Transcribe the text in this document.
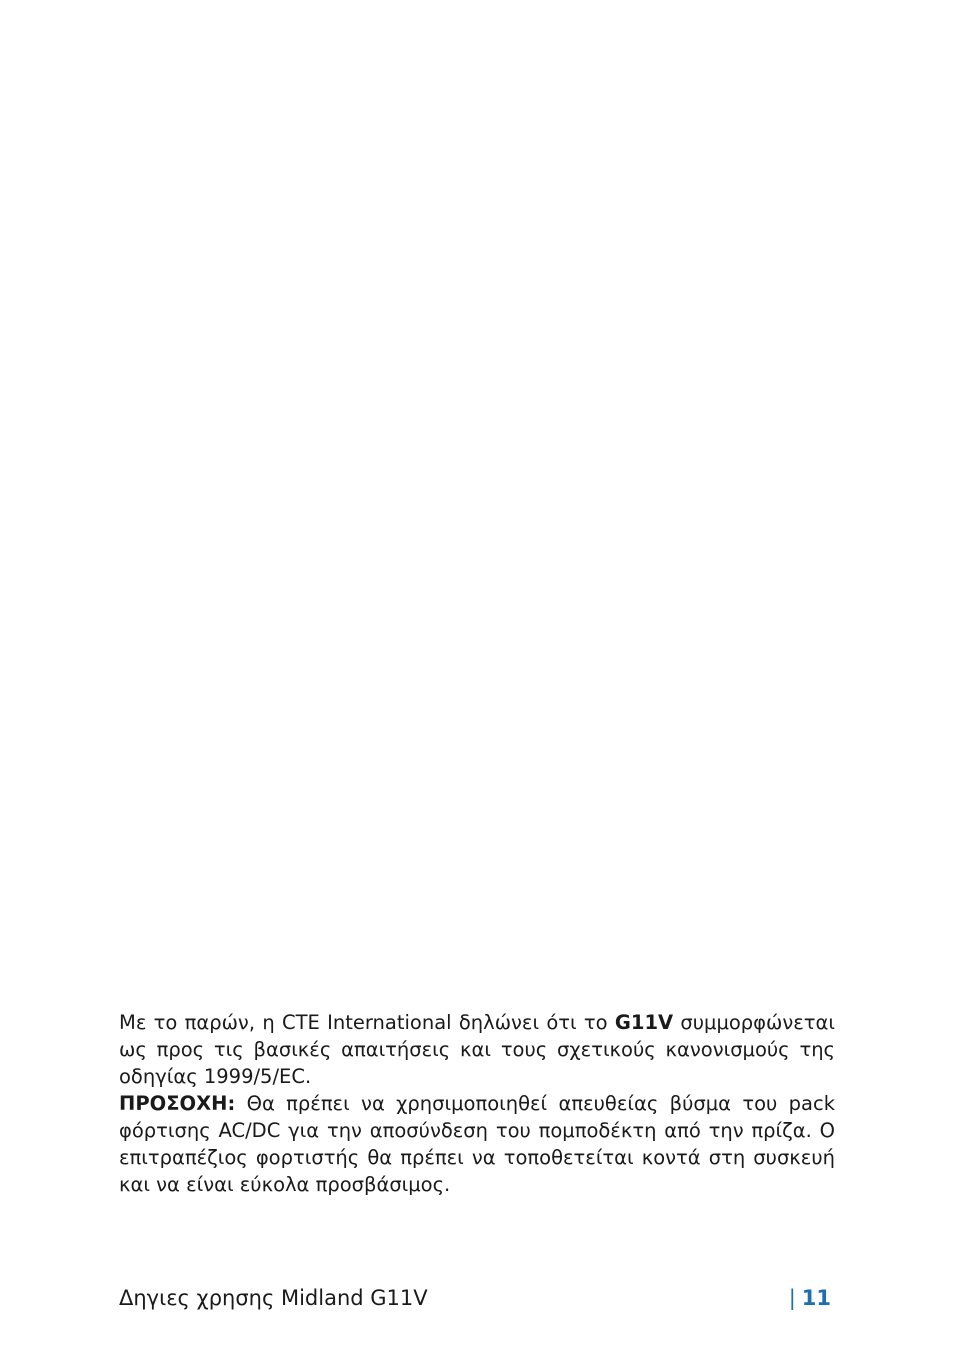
Με το παρών, η CTE International δηλώνει ότι το G11V συμμορφώνεται ως προς τις βασικές απαιτήσεις και τους σχετικούς κανονισμούς της οδηγίας 1999/5/EC.

ΠΡΟΣΟΧΗ: Θα πρέπει να χρησιμοποιηθεί απευθείας βύσμα του pack φόρτισης AC/DC για την αποσύνδεση του πομποδέκτη από την πρίζα. Ο επιτραπέζιος φορτιστής θα πρέπει να τοποθετείται κοντά στη συσκευή και να είναι εύκολα προσβάσιμος.

Δηγιες χρησης Midland G11V	| 11
